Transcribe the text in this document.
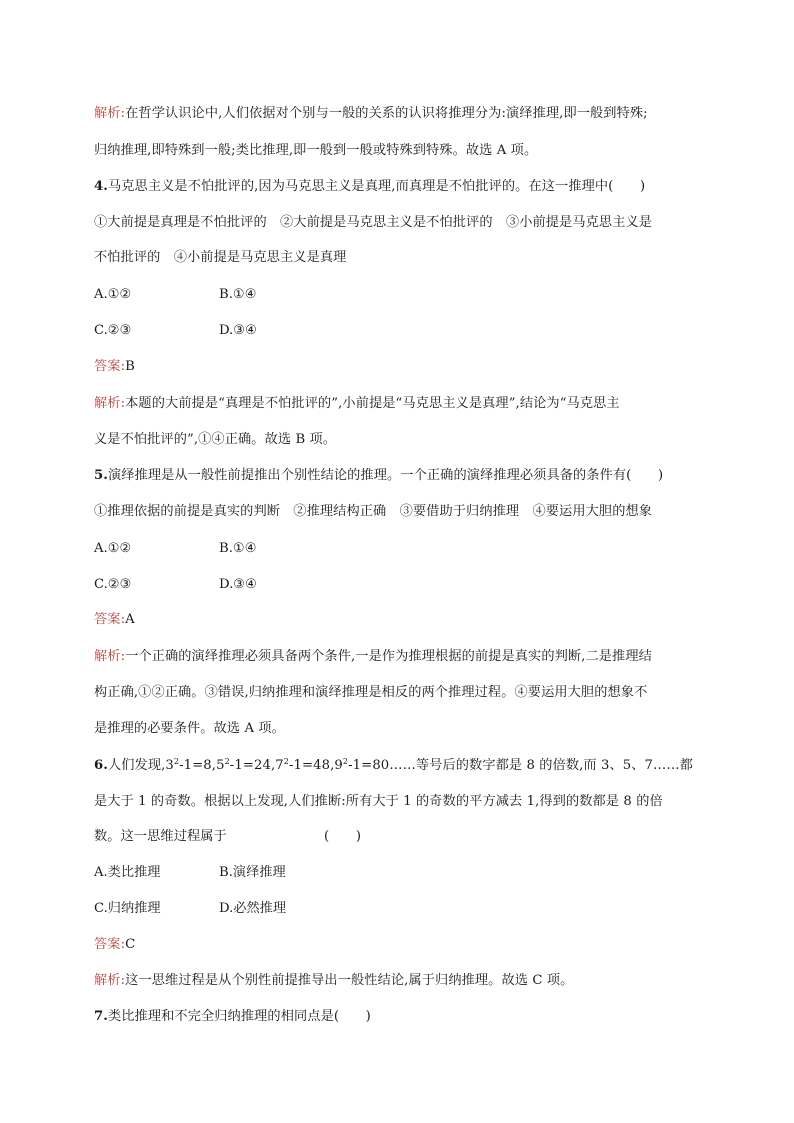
解析:在哲学认识论中,人们依据对个别与一般的关系的认识将推理分为:演绎推理,即一般到特殊;
归纳推理,即特殊到一般;类比推理,即一般到一般或特殊到特殊。故选 A 项。
4.马克思主义是不怕批评的,因为马克思主义是真理,而真理是不怕批评的。在这一推理中(　　)
①大前提是真理是不怕批评的　②大前提是马克思主义是不怕批评的　③小前提是马克思主义是
不怕批评的　④小前提是马克思主义是真理
A.①②	B.①④
C.②③	D.③④
答案:B
解析:本题的大前提是“真理是不怕批评的”,小前提是“马克思主义是真理”,结论为“马克思主
义是不怕批评的”,①④正确。故选 B 项。
5.演绎推理是从一般性前提推出个别性结论的推理。一个正确的演绎推理必须具备的条件有(　　)
①推理依据的前提是真实的判断　②推理结构正确　③要借助于归纳推理　④要运用大胆的想象
A.①②	B.①④
C.②③	D.③④
答案:A
解析:一个正确的演绎推理必须具备两个条件,一是作为推理根据的前提是真实的判断,二是推理结
构正确,①②正确。③错误,归纳推理和演绎推理是相反的两个推理过程。④要运用大胆的想象不
是推理的必要条件。故选 A 项。
6.人们发现$,3^2-1=8,5^2-1=24,7^2-1=48,9^2-1=80\dots\dots$等号后的数字都是 8 的倍数,而 3、5、7……都
是大于 1 的奇数。根据以上发现,人们推断:所有大于 1 的奇数的平方减去 1,得到的数都是 8 的倍
数。这一思维过程属于	(　　)
A.类比推理	B.演绎推理
C.归纳推理	D.必然推理
答案:C
解析:这一思维过程是从个别性前提推导出一般性结论,属于归纳推理。故选 C 项。
7.类比推理和不完全归纳推理的相同点是(　　)
